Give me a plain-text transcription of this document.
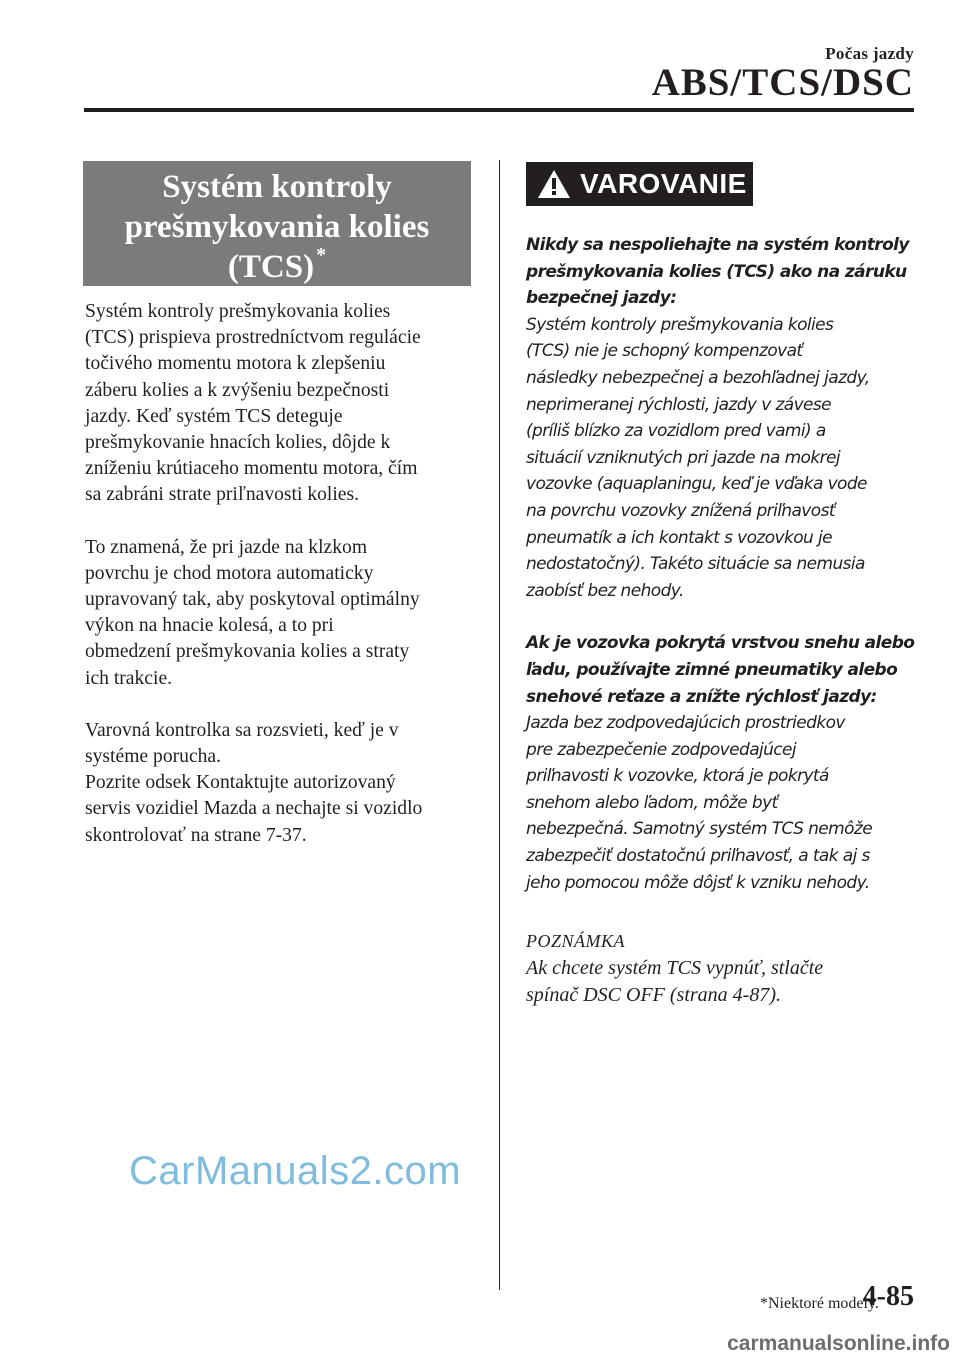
Počas jazdy
ABS/TCS/DSC
Systém kontroly
prešmykovania kolies
(TCS) *

Systém kontroly prešmykovania kolies
(TCS) prispieva prostredníctvom regulácie
točivého momentu motora k zlepšeniu
záberu kolies a k zvýšeniu bezpečnosti
jazdy. Keď systém TCS deteguje
prešmykovanie hnacích kolies, dôjde k
zníženiu krútiaceho momentu motora, čím
sa zabráni strate priľnavosti kolies.

To znamená, že pri jazde na klzkom
povrchu je chod motora automaticky
upravovaný tak, aby poskytoval optimálny
výkon na hnacie kolesá, a to pri
obmedzení prešmykovania kolies a straty
ich trakcie.

Varovná kontrolka sa rozsvieti, keď je v
systéme porucha.
Pozrite odsek Kontaktujte autorizovaný
servis vozidiel Mazda a nechajte si vozidlo
skontrolovať na strane 7-37.

VAROVANIE
Nikdy sa nespoliehajte na systém kontroly
prešmykovania kolies (TCS) ako na záruku
bezpečnej jazdy:
Systém kontroly prešmykovania kolies
(TCS) nie je schopný kompenzovať
následky nebezpečnej a bezohľadnej jazdy,
neprimeranej rýchlosti, jazdy v závese
(príliš blízko za vozidlom pred vami) a
situácií vzniknutých pri jazde na mokrej
vozovke (aquaplaningu, keď je vďaka vode
na povrchu vozovky znížená priľnavosť
pneumatík a ich kontakt s vozovkou je
nedostatočný). Takéto situácie sa nemusia
zaobísť bez nehody.
Ak je vozovka pokrytá vrstvou snehu alebo
ľadu, používajte zimné pneumatiky alebo
snehové reťaze a znížte rýchlosť jazdy:
Jazda bez zodpovedajúcich prostriedkov
pre zabezpečenie zodpovedajúcej
priľnavosti k vozovke, ktorá je pokrytá
snehom alebo ľadom, môže byť
nebezpečná. Samotný systém TCS nemôže
zabezpečiť dostatočnú priľnavosť, a tak aj s
jeho pomocou môže dôjsť k vzniku nehody.
POZNÁMKA
Ak chcete systém TCS vypnúť, stlačte
spínač DSC OFF (strana 4-87).
CarManuals2.com
*Niektoré modely.
4-85
carmanualsonline.info
